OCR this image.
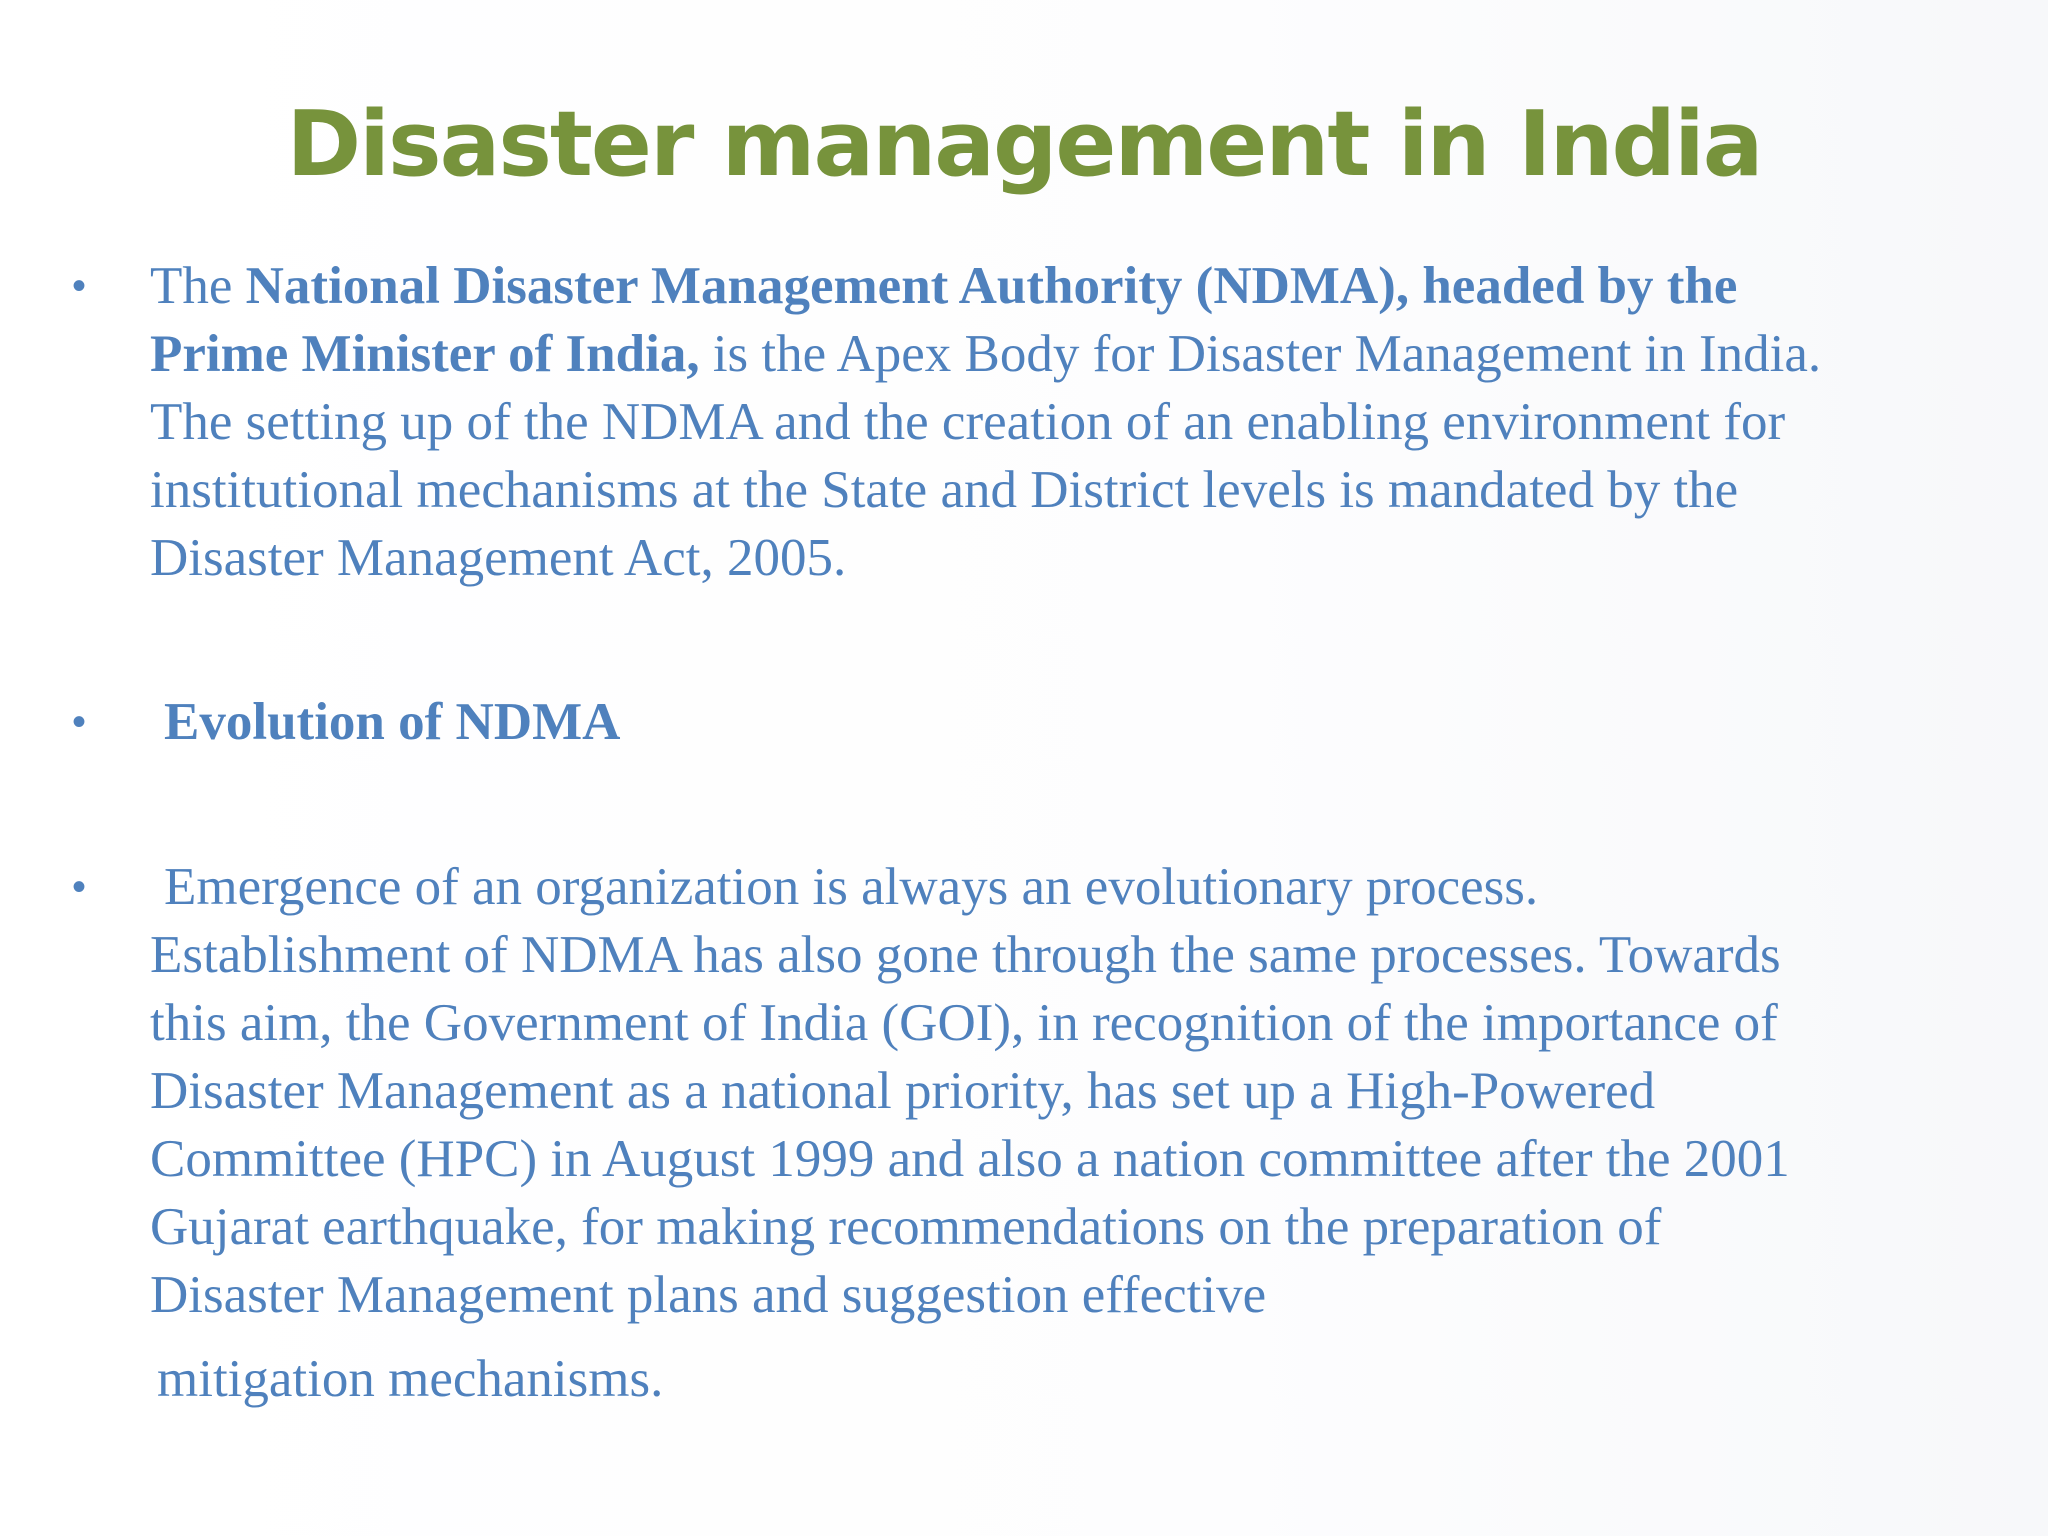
Disaster management in India
• The National Disaster Management Authority (NDMA), headed by the
Prime Minister of India, is the Apex Body for Disaster Management in India.
The setting up of the NDMA and the creation of an enabling environment for
institutional mechanisms at the State and District levels is mandated by the
Disaster Management Act, 2005.
• Evolution of NDMA
• Emergence of an organization is always an evolutionary process.
Establishment of NDMA has also gone through the same processes. Towards
this aim, the Government of India (GOI), in recognition of the importance of
Disaster Management as a national priority, has set up a High-Powered
Committee (HPC) in August 1999 and also a nation committee after the 2001
Gujarat earthquake, for making recommendations on the preparation of
Disaster Management plans and suggestion effective
mitigation mechanisms.
